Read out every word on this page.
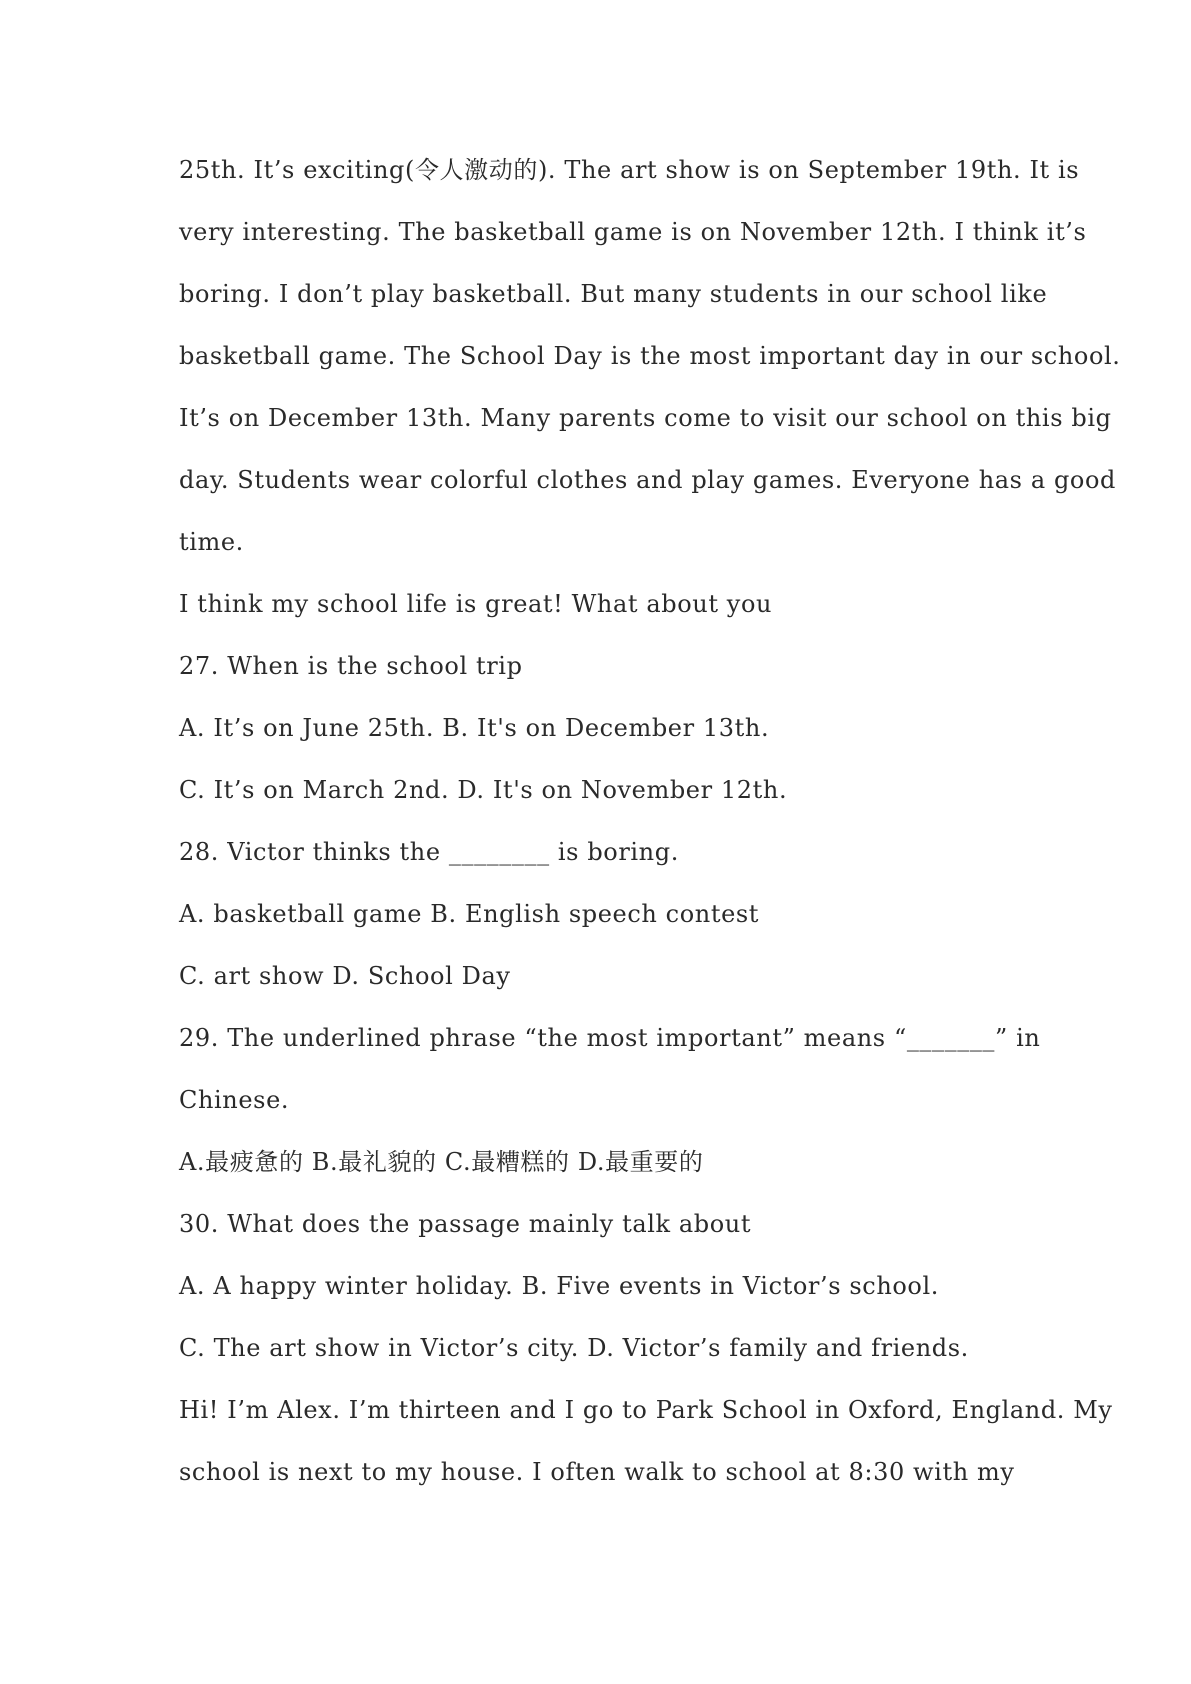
25th. It’s exciting(令人激动的). The art show is on September 19th. It is
very interesting. The basketball game is on November 12th. I think it’s
boring. I don’t play basketball. But many students in our school like
basketball game. The School Day is the most important day in our school.
It’s on December 13th. Many parents come to visit our school on this big
day. Students wear colorful clothes and play games. Everyone has a good
time.
I think my school life is great! What about you
27. When is the school trip
A. It’s on June 25th. B. It's on December 13th.
C. It’s on March 2nd. D. It's on November 12th.
28. Victor thinks the ________ is boring.
A. basketball game B. English speech contest
C. art show D. School Day
29. The underlined phrase “the most important” means “_______” in
Chinese.
A.最疲惫的 B.最礼貌的 C.最糟糕的 D.最重要的
30. What does the passage mainly talk about
A. A happy winter holiday. B. Five events in Victor’s school.
C. The art show in Victor’s city. D. Victor’s family and friends.
Hi! I’m Alex. I’m thirteen and I go to Park School in Oxford, England. My
school is next to my house. I often walk to school at 8:30 with my
